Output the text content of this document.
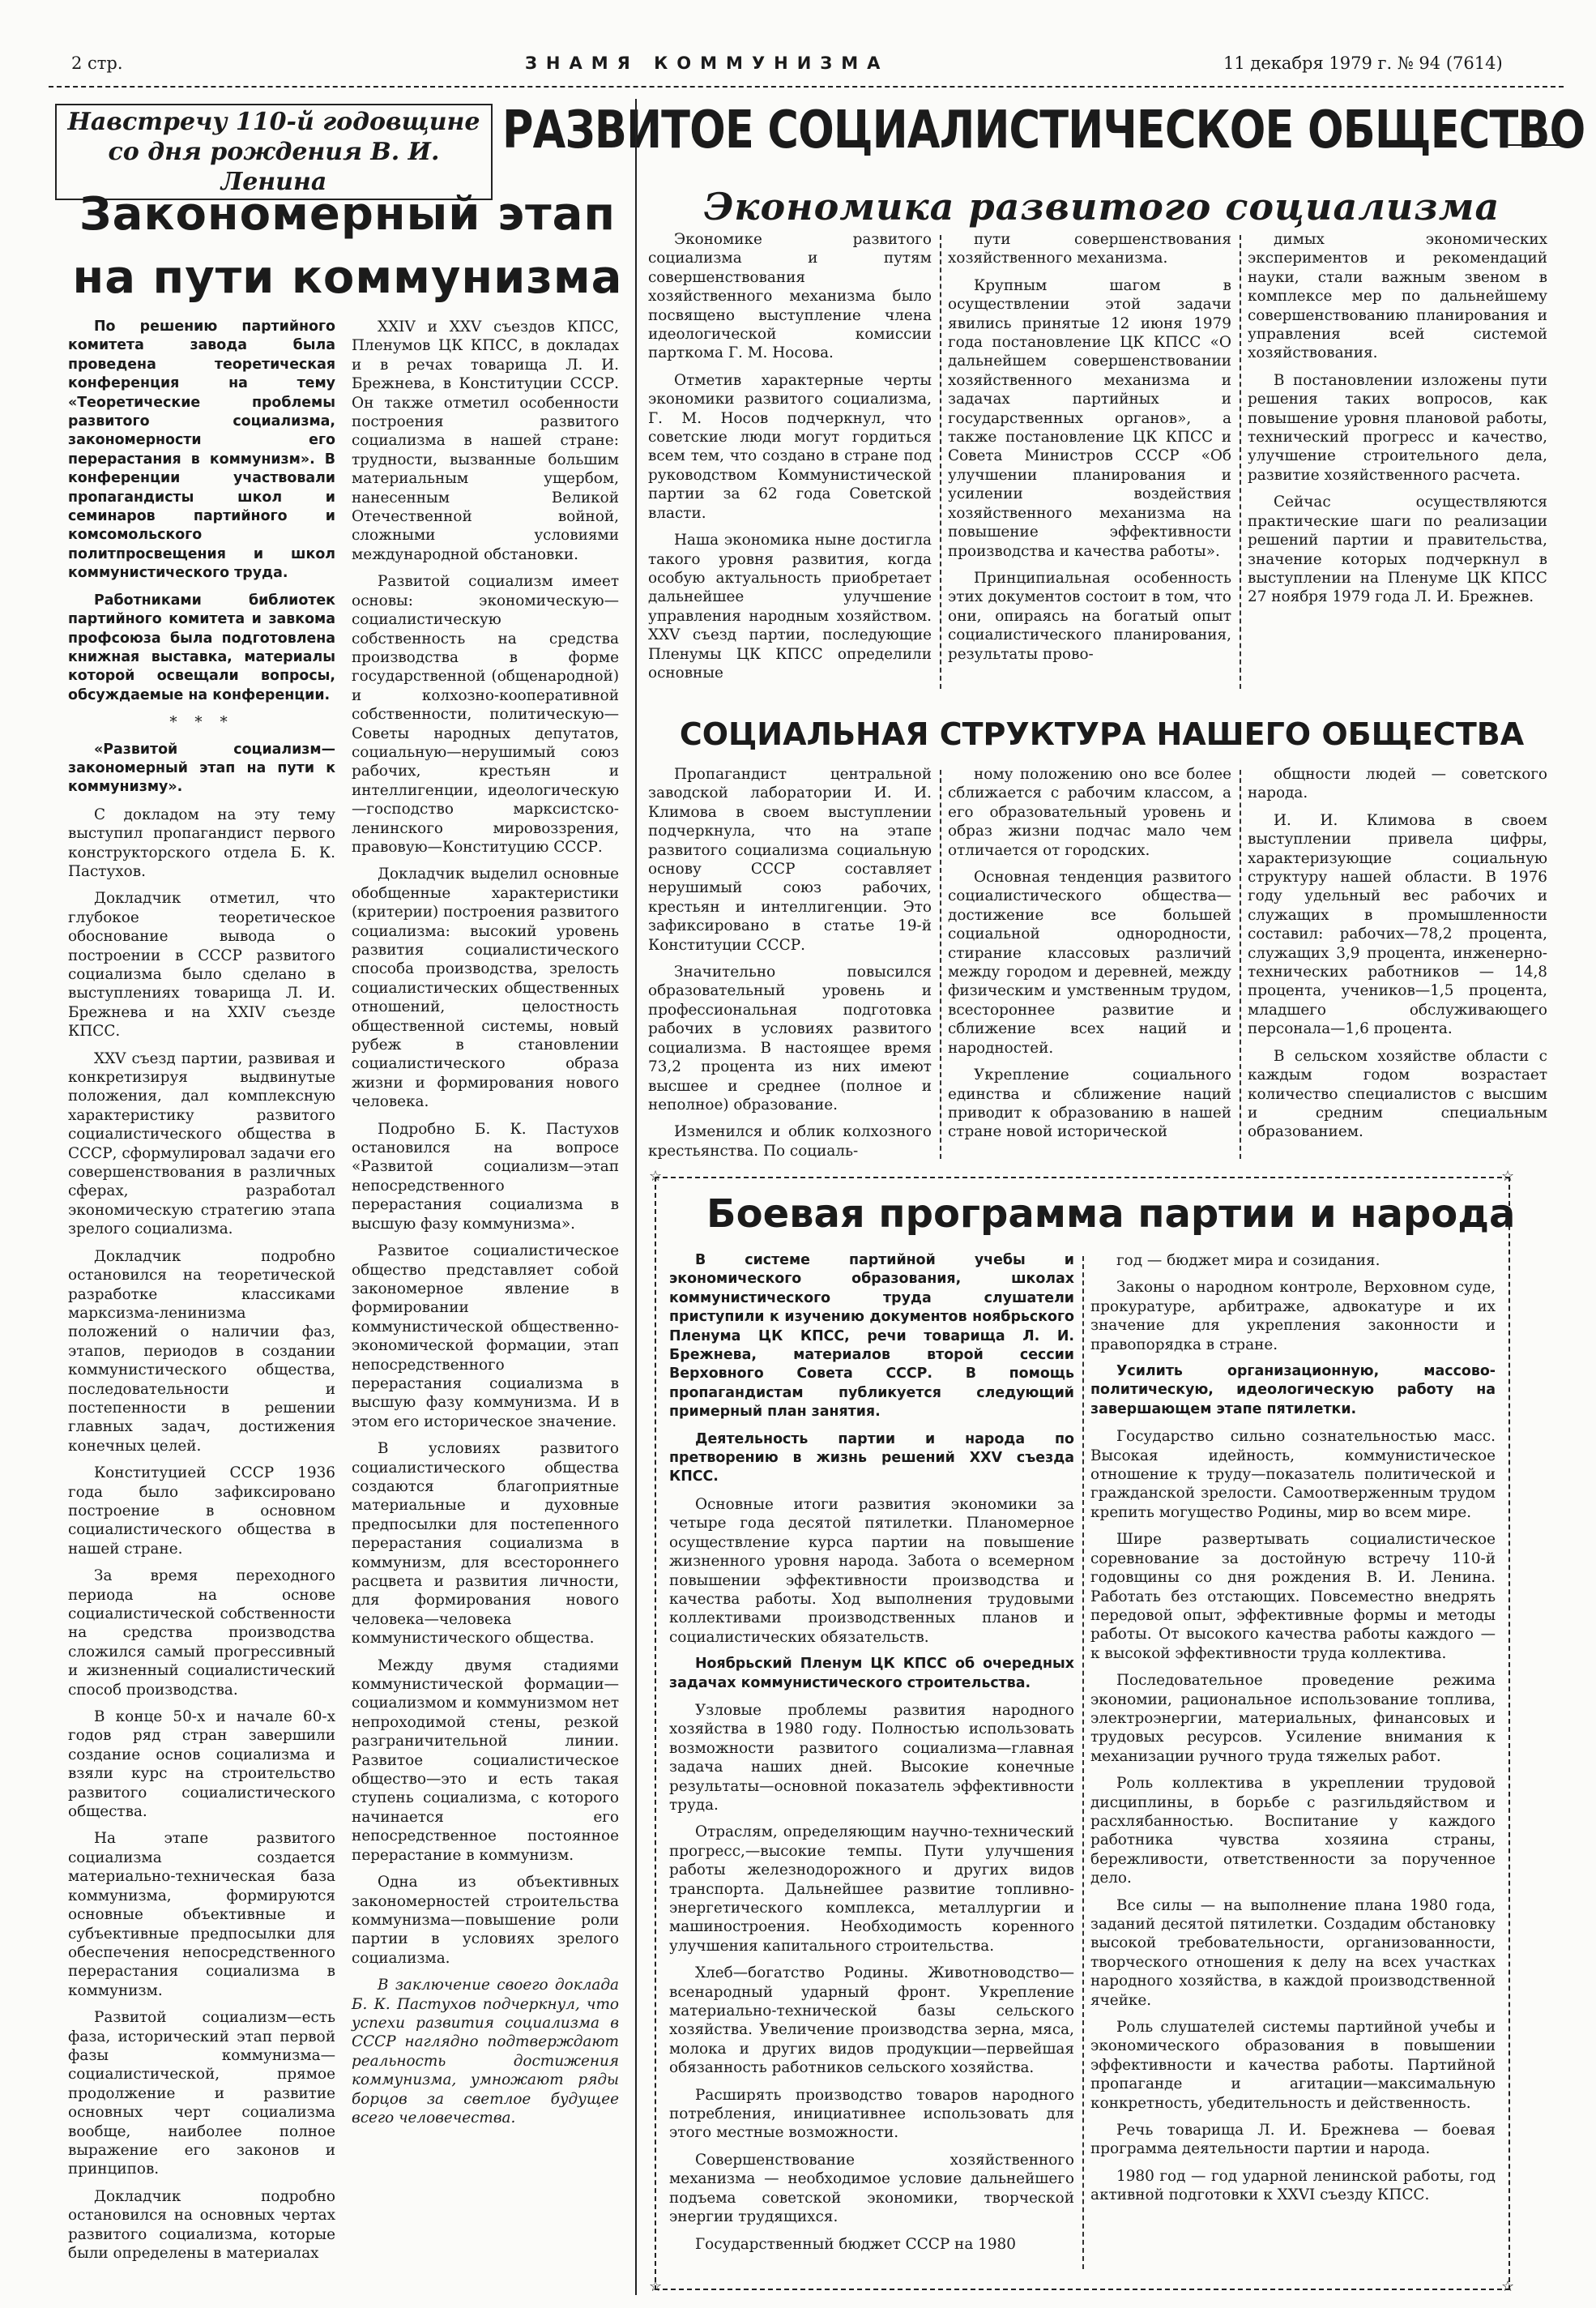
2 стр.	ЗНАМЯ КОММУНИЗМА	11 декабря 1979 г. № 94 (7614)
Навстречу 110-й годовщине
со дня рождения В. И. Ленина
РАЗВИТОЕ СОЦИАЛИСТИЧЕСКОЕ ОБЩЕСТВО
Закономерный этап
на пути коммунизма

По решению партийного комитета завода была проведена теоретическая конференция на тему «Теоретические проблемы развитого социализма, закономерности его перерастания в коммунизм». В конференции участвовали пропагандисты школ и семинаров партийного и комсомольского политпросвещения и школ коммунистического труда.

Работниками библиотек партийного комитета и завкома профсоюза была подготовлена книжная выставка, материалы которой освещали вопросы, обсуждаемые на конференции.

* * *

«Развитой социализм—закономерный этап на пути к коммунизму».

С докладом на эту тему выступил пропагандист первого конструкторского отдела Б. К. Пастухов.

Докладчик отметил, что глубокое теоретическое обоснование вывода о построении в СССР развитого социализма было сделано в выступлениях товарища Л. И. Брежнева и на XXIV съезде КПСС.

XXV съезд партии, развивая и конкретизируя выдвинутые положения, дал комплексную характеристику развитого социалистического общества в СССР, сформулировал задачи его совершенствования в различных сферах, разработал экономическую стратегию этапа зрелого социализма.

Докладчик подробно остановился на теоретической разработке классиками марксизма-ленинизма положений о наличии фаз, этапов, периодов в создании коммунистического общества, последовательности и постепенности в решении главных задач, достижения конечных целей.

Конституцией СССР 1936 года было зафиксировано построение в основном социалистического общества в нашей стране.

За время переходного периода на основе социалистической собственности на средства производства сложился самый прогрессивный и жизненный социалистический способ производства.

В конце 50-х и начале 60-х годов ряд стран завершили создание основ социализма и взяли курс на строительство развитого социалистического общества.

На этапе развитого социализма создается материально-техническая база коммунизма, формируются основные объективные и субъективные предпосылки для обеспечения непосредственного перерастания социализма в коммунизм.

Развитой социализм—есть фаза, исторический этап первой фазы коммунизма—социалистической, прямое продолжение и развитие основных черт социализма вообще, наиболее полное выражение его законов и принципов.

Докладчик подробно остановился на основных чертах развитого социализма, которые были определены в материалах

XXIV и XXV съездов КПСС, Пленумов ЦК КПСС, в докладах и в речах товарища Л. И. Брежнева, в Конституции СССР. Он также отметил особенности построения развитого социализма в нашей стране: трудности, вызванные большим материальным ущербом, нанесенным Великой Отечественной войной, сложными условиями международной обстановки.

Развитой социализм имеет основы: экономическую—социалистическую собственность на средства производства в форме государственной (общенародной) и колхозно-кооперативной собственности, политическую—Советы народных депутатов, социальную—нерушимый союз рабочих, крестьян и интеллигенции, идеологическую—господство марксистско-ленинского мировоззрения, правовую—Конституцию СССР.

Докладчик выделил основные обобщенные характеристики (критерии) построения развитого социализма: высокий уровень развития социалистического способа производства, зрелость социалистических общественных отношений, целостность общественной системы, новый рубеж в становлении социалистического образа жизни и формирования нового человека.

Подробно Б. К. Пастухов остановился на вопросе «Развитой социализм—этап непосредственного перерастания социализма в высшую фазу коммунизма».

Развитое социалистическое общество представляет собой закономерное явление в формировании коммунистической общественно-экономической формации, этап непосредственного перерастания социализма в высшую фазу коммунизма. И в этом его историческое значение.

В условиях развитого социалистического общества создаются благоприятные материальные и духовные предпосылки для постепенного перерастания социализма в коммунизм, для всестороннего расцвета и развития личности, для формирования нового человека—человека коммунистического общества.

Между двумя стадиями коммунистической формации—социализмом и коммунизмом нет непроходимой стены, резкой разграничительной линии. Развитое социалистическое общество—это и есть такая ступень социализма, с которого начинается его непосредственное постоянное перерастание в коммунизм.

Одна из объективных закономерностей строительства коммунизма—повышение роли партии в условиях зрелого социализма.

В заключение своего доклада Б. К. Пастухов подчеркнул, что успехи развития социализма в СССР наглядно подтверждают реальность достижения коммунизма, умножают ряды борцов за светлое будущее всего человечества.

Экономика развитого социализма

Экономике развитого социализма и путям совершенствования хозяйственного механизма было посвящено выступление члена идеологической комиссии парткома Г. М. Носова.

Отметив характерные черты экономики развитого социализма, Г. М. Носов подчеркнул, что советские люди могут гордиться всем тем, что создано в стране под руководством Коммунистической партии за 62 года Советской власти.

Наша экономика ныне достигла такого уровня развития, когда особую актуальность приобретает дальнейшее улучшение управления народным хозяйством. XXV съезд партии, последующие Пленумы ЦК КПСС определили основные

пути совершенствования хозяйственного механизма.

Крупным шагом в осуществлении этой задачи явились принятые 12 июня 1979 года постановление ЦК КПСС «О дальнейшем совершенствовании хозяйственного механизма и задачах партийных и государственных органов», а также постановление ЦК КПСС и Совета Министров СССР «Об улучшении планирования и усилении воздействия хозяйственного механизма на повышение эффективности производства и качества работы».

Принципиальная особенность этих документов состоит в том, что они, опираясь на богатый опыт социалистического планирования, результаты прово-

димых экономических экспериментов и рекомендаций науки, стали важным звеном в комплексе мер по дальнейшему совершенствованию планирования и управления всей системой хозяйствования.

В постановлении изложены пути решения таких вопросов, как повышение уровня плановой работы, технический прогресс и качество, улучшение строительного дела, развитие хозяйственного расчета.

Сейчас осуществляются практические шаги по реализации решений партии и правительства, значение которых подчеркнул в выступлении на Пленуме ЦК КПСС 27 ноября 1979 года Л. И. Брежнев.

СОЦИАЛЬНАЯ СТРУКТУРА НАШЕГО ОБЩЕСТВА

Пропагандист центральной заводской лаборатории И. И. Климова в своем выступлении подчеркнула, что на этапе развитого социализма социальную основу СССР составляет нерушимый союз рабочих, крестьян и интеллигенции. Это зафиксировано в статье 19-й Конституции СССР.

Значительно повысился образовательный уровень и профессиональная подготовка рабочих в условиях развитого социализма. В настоящее время 73,2 процента из них имеют высшее и среднее (полное и неполное) образование.

Изменился и облик колхозного крестьянства. По социаль-

ному положению оно все более сближается с рабочим классом, а его образовательный уровень и образ жизни подчас мало чем отличается от городских.

Основная тенденция развитого социалистического общества—достижение все большей социальной однородности, стирание классовых различий между городом и деревней, между физическим и умственным трудом, всестороннее развитие и сближение всех наций и народностей.

Укрепление социального единства и сближение наций приводит к образованию в нашей стране новой исторической

общности людей — советского народа.

И. И. Климова в своем выступлении привела цифры, характеризующие социальную структуру нашей области. В 1976 году удельный вес рабочих и служащих в промышленности составил: рабочих—78,2 процента, служащих 3,9 процента, инженерно-технических работников — 14,8 процента, учеников—1,5 процента, младшего обслуживающего персонала—1,6 процента.

В сельском хозяйстве области с каждым годом возрастает количество специалистов с высшим и средним специальным образованием.

☆	☆
☆	☆
Боевая программа партии и народа

В системе партийной учебы и экономического образования, школах коммунистического труда слушатели приступили к изучению документов ноябрьского Пленума ЦК КПСС, речи товарища Л. И. Брежнева, материалов второй сессии Верховного Совета СССР. В помощь пропагандистам публикуется следующий примерный план занятия.

Деятельность партии и народа по претворению в жизнь решений XXV съезда КПСС.

Основные итоги развития экономики за четыре года десятой пятилетки. Планомерное осуществление курса партии на повышение жизненного уровня народа. Забота о всемерном повышении эффективности производства и качества работы. Ход выполнения трудовыми коллективами производственных планов и социалистических обязательств.

Ноябрьский Пленум ЦК КПСС об очередных задачах коммунистического строительства.

Узловые проблемы развития народного хозяйства в 1980 году. Полностью использовать возможности развитого социализма—главная задача наших дней. Высокие конечные результаты—основной показатель эффективности труда.

Отраслям, определяющим научно-технический прогресс,—высокие темпы. Пути улучшения работы железнодорожного и других видов транспорта. Дальнейшее развитие топливно-энергетического комплекса, металлургии и машиностроения. Необходимость коренного улучшения капитального строительства.

Хлеб—богатство Родины. Животноводство—всенародный ударный фронт. Укрепление материально-технической базы сельского хозяйства. Увеличение производства зерна, мяса, молока и других видов продукции—первейшая обязанность работников сельского хозяйства.

Расширять производство товаров народного потребления, инициативнее использовать для этого местные возможности.

Совершенствование хозяйственного механизма — необходимое условие дальнейшего подъема советской экономики, творческой энергии трудящихся.

Государственный бюджет СССР на 1980

год — бюджет мира и созидания.

Законы о народном контроле, Верховном суде, прокуратуре, арбитраже, адвокатуре и их значение для укрепления законности и правопорядка в стране.

Усилить организационную, массово-политическую, идеологическую работу на завершающем этапе пятилетки.

Государство сильно сознательностью масс. Высокая идейность, коммунистическое отношение к труду—показатель политической и гражданской зрелости. Самоотверженным трудом крепить могущество Родины, мир во всем мире.

Шире развертывать социалистическое соревнование за достойную встречу 110-й годовщины со дня рождения В. И. Ленина. Работать без отстающих. Повсеместно внедрять передовой опыт, эффективные формы и методы работы. От высокого качества работы каждого — к высокой эффективности труда коллектива.

Последовательное проведение режима экономии, рациональное использование топлива, электроэнергии, материальных, финансовых и трудовых ресурсов. Усиление внимания к механизации ручного труда тяжелых работ.

Роль коллектива в укреплении трудовой дисциплины, в борьбе с разгильдяйством и расхлябанностью. Воспитание у каждого работника чувства хозяина страны, бережливости, ответственности за порученное дело.

Все силы — на выполнение плана 1980 года, заданий десятой пятилетки. Создадим обстановку высокой требовательности, организованности, творческого отношения к делу на всех участках народного хозяйства, в каждой производственной ячейке.

Роль слушателей системы партийной учебы и экономического образования в повышении эффективности и качества работы. Партийной пропаганде и агитации—максимальную конкретность, убедительность и действенность.

Речь товарища Л. И. Брежнева — боевая программа деятельности партии и народа.

1980 год — год ударной ленинской работы, год активной подготовки к XXVI съезду КПСС.
